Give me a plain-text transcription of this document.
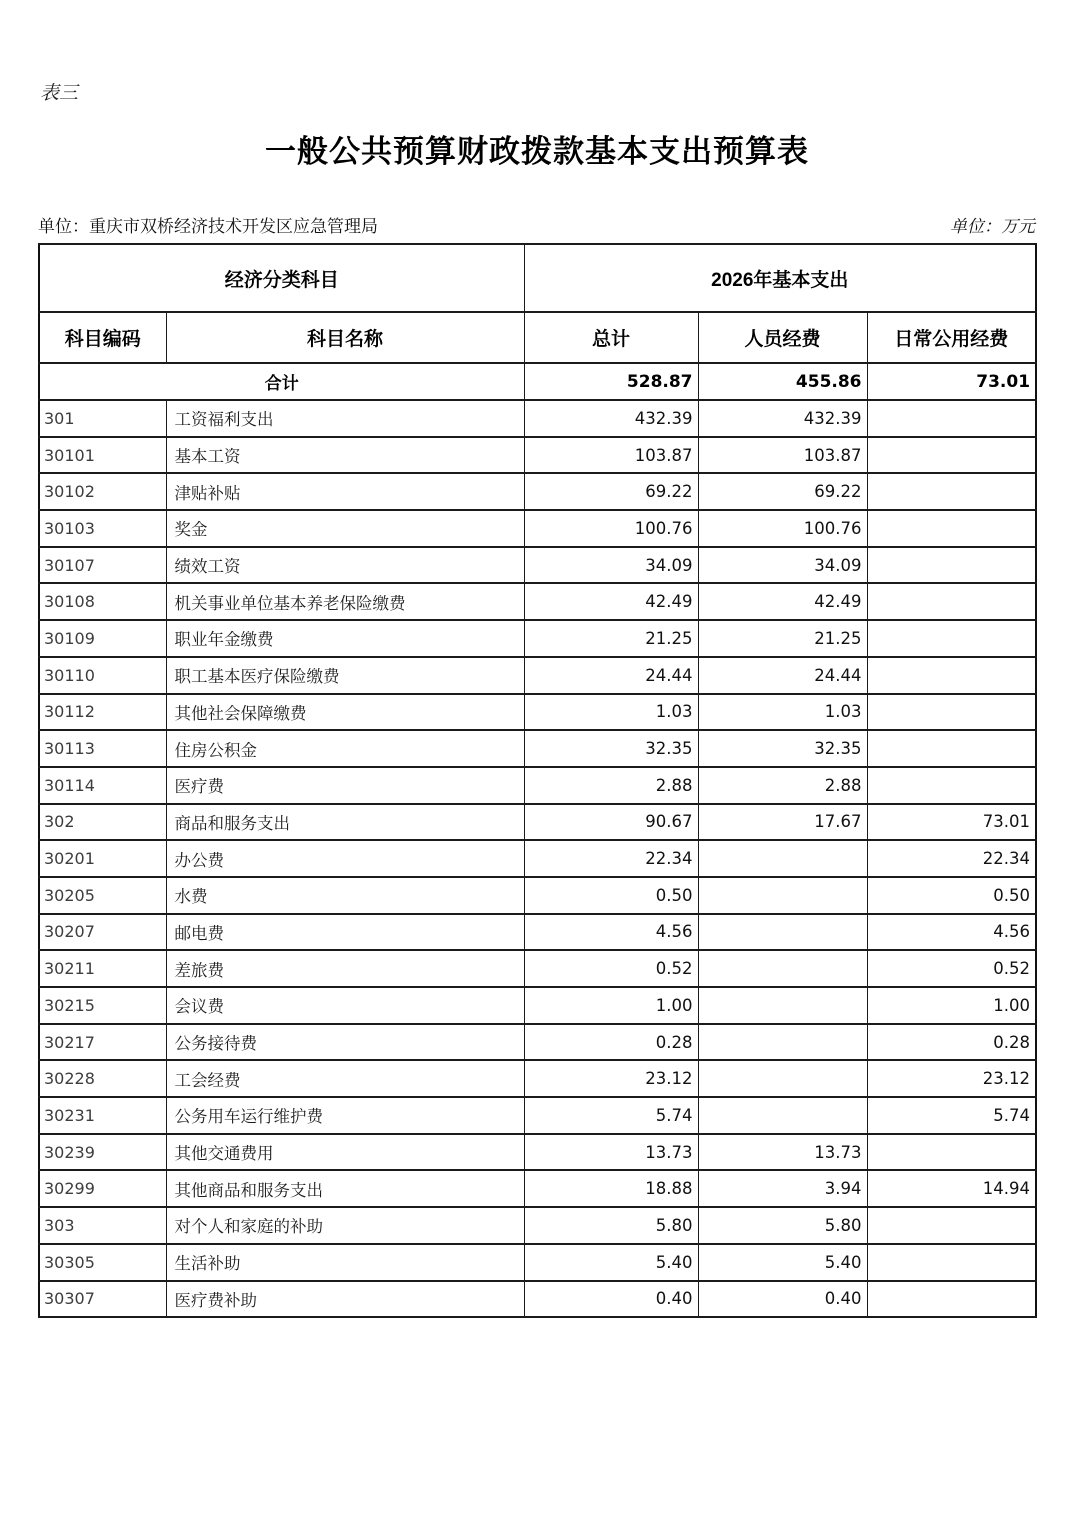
表三
一般公共预算财政拨款基本支出预算表
单位：重庆市双桥经济技术开发区应急管理局	单位：万元
经济分类科目		2026年基本支出		
科目编码	科目名称	总计	人员经费	日常公用经费
合计		528.87	455.86	73.01
301	工资福利支出	432.39	432.39	
30101	基本工资	103.87	103.87	
30102	津贴补贴	69.22	69.22	
30103	奖金	100.76	100.76	
30107	绩效工资	34.09	34.09	
30108	机关事业单位基本养老保险缴费	42.49	42.49	
30109	职业年金缴费	21.25	21.25	
30110	职工基本医疗保险缴费	24.44	24.44	
30112	其他社会保障缴费	1.03	1.03	
30113	住房公积金	32.35	32.35	
30114	医疗费	2.88	2.88	
302	商品和服务支出	90.67	17.67	73.01
30201	办公费	22.34		22.34
30205	水费	0.50		0.50
30207	邮电费	4.56		4.56
30211	差旅费	0.52		0.52
30215	会议费	1.00		1.00
30217	公务接待费	0.28		0.28
30228	工会经费	23.12		23.12
30231	公务用车运行维护费	5.74		5.74
30239	其他交通费用	13.73	13.73	
30299	其他商品和服务支出	18.88	3.94	14.94
303	对个人和家庭的补助	5.80	5.80	
30305	生活补助	5.40	5.40	
30307	医疗费补助	0.40	0.40	
